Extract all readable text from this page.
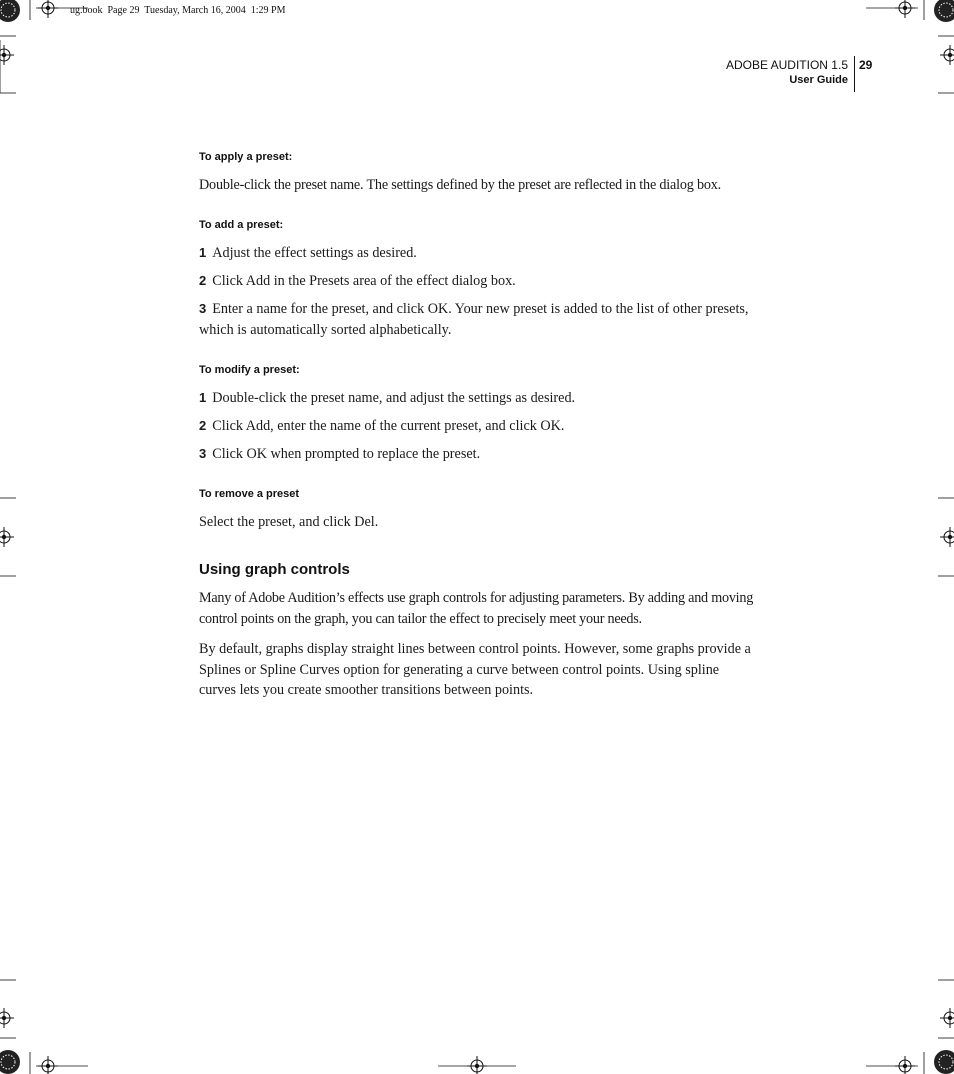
ug.book  Page 29  Tuesday, March 16, 2004  1:29 PM
ADOBE AUDITION 1.5
User Guide
29
To apply a preset:
Double-click the preset name. The settings defined by the preset are reflected in the dialog box.
To add a preset:
1 Adjust the effect settings as desired.
2 Click Add in the Presets area of the effect dialog box.
3 Enter a name for the preset, and click OK. Your new preset is added to the list of other presets, which is automatically sorted alphabetically.
To modify a preset:
1 Double-click the preset name, and adjust the settings as desired.
2 Click Add, enter the name of the current preset, and click OK.
3 Click OK when prompted to replace the preset.
To remove a preset
Select the preset, and click Del.
Using graph controls
Many of Adobe Audition’s effects use graph controls for adjusting parameters. By adding and moving control points on the graph, you can tailor the effect to precisely meet your needs.
By default, graphs display straight lines between control points. However, some graphs provide a Splines or Spline Curves option for generating a curve between control points. Using spline curves lets you create smoother transitions between points.
